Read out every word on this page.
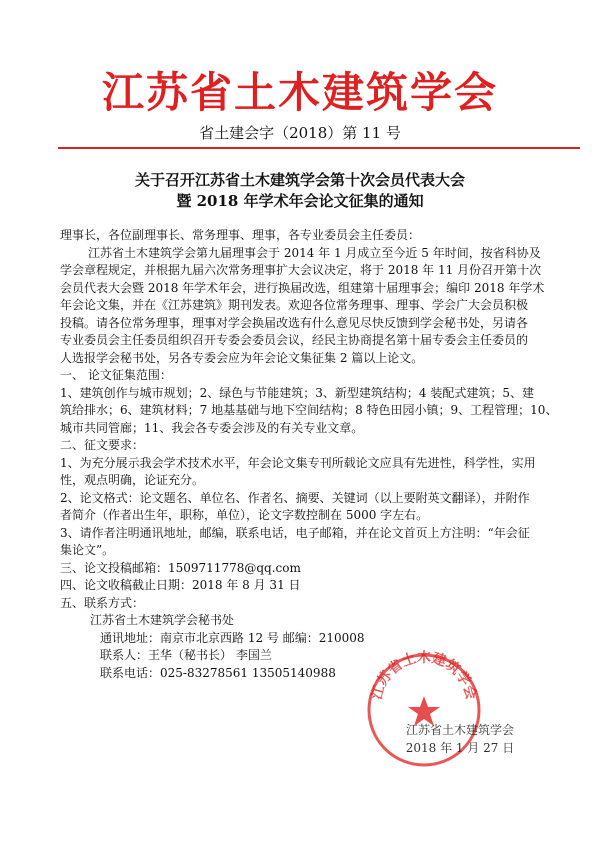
江苏省土木建筑学会
省土建会字（2018）第 11 号
关于召开江苏省土木建筑学会第十次会员代表大会
暨 2018 年学术年会论文征集的通知
理事长，各位副理事长、常务理事、理事，各专业委员会主任委员：
江苏省土木建筑学会第九届理事会于 2014 年 1 月成立至今近 5 年时间，按省科协及
学会章程规定，并根据九届六次常务理事扩大会议决定，将于 2018 年 11 月份召开第十次
会员代表大会暨 2018 年学术年会，进行换届改选，组建第十届理事会；编印 2018 年学术
年会论文集，并在《江苏建筑》期刊发表。欢迎各位常务理事、理事、学会广大会员积极
投稿。请各位常务理事，理事对学会换届改选有什么意见尽快反馈到学会秘书处，另请各
专业委员会主任委员组织召开专委会委员会议，经民主协商提名第十届专委会主任委员的
人选报学会秘书处，另各专委会应为年会论文集征集 2 篇以上论文。
一、 论文征集范围：
1、建筑创作与城市规划；2、绿色与节能建筑；3、新型建筑结构；4 装配式建筑；5、建
筑给排水；6、建筑材料；7 地基基础与地下空间结构；8 特色田园小镇；9、工程管理；10、
城市共同管廊；11、我会各专委会涉及的有关专业文章。
二、征文要求：
1、为充分展示我会学术技术水平，年会论文集专刊所载论文应具有先进性，科学性，实用
性，观点明确，论证充分。
2、论文格式：论文题名、单位名、作者名、摘要、关键词（以上要附英文翻译），并附作
者简介（作者出生年，职称，单位），论文字数控制在 5000 字左右。
3、请作者注明通讯地址，邮编，联系电话，电子邮箱，并在论文首页上方注明：“年会征
集论文”。
三、论文投稿邮箱：1509711778@qq.com
四、论文收稿截止日期：2018 年 8 月 31 日
五、联系方式：
江苏省土木建筑学会秘书处
通讯地址：南京市北京西路 12 号 邮编：210008
联系人：王华（秘书长） 李国兰
联系电话：025-83278561 13505140988
江苏省土木建筑学会
江苏省土木建筑学会
2018 年 1 月 27 日
